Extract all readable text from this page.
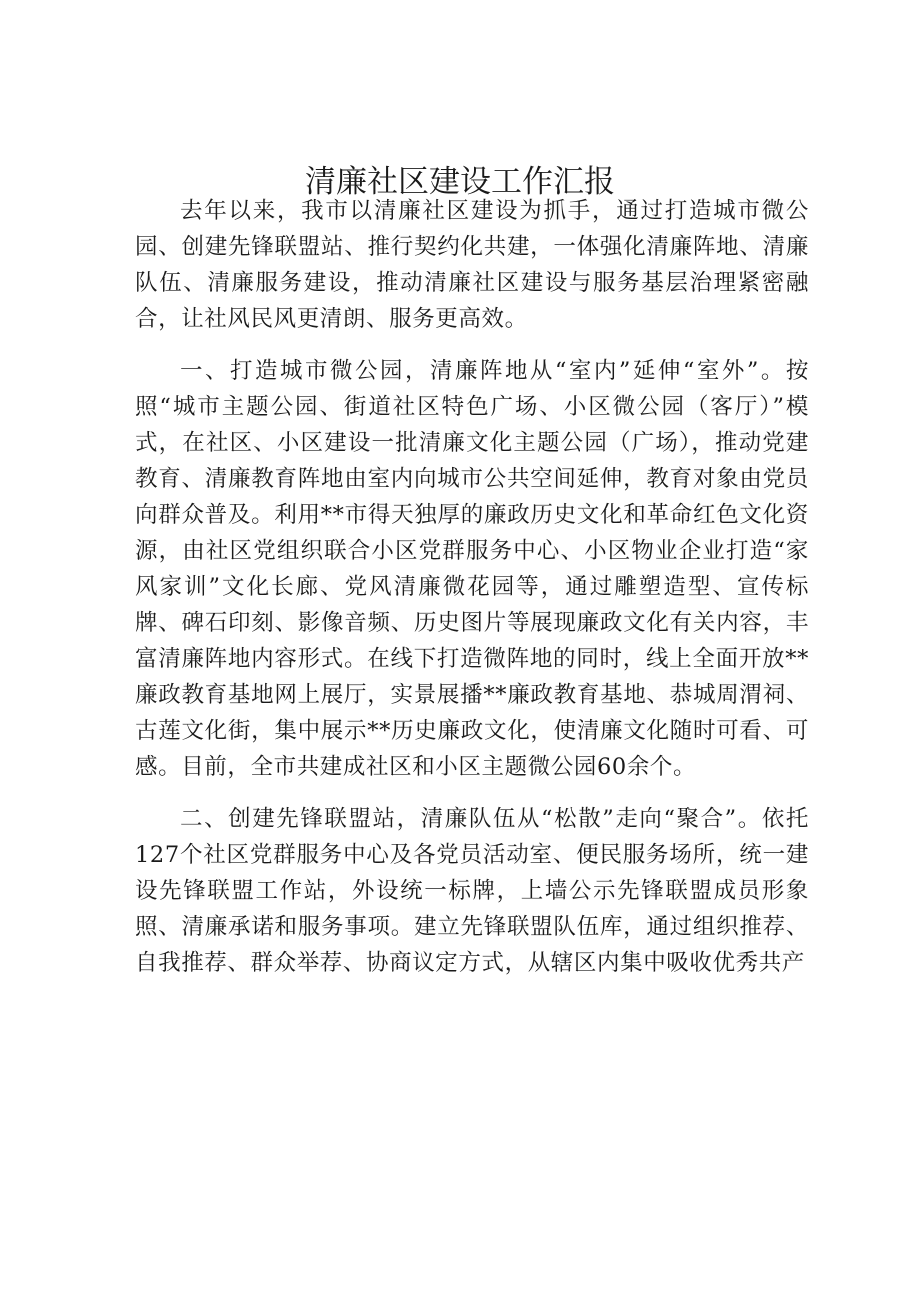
清廉社区建设工作汇报

去年以来，我市以清廉社区建设为抓手，通过打造城市微公园、创建先锋联盟站、推行契约化共建，一体强化清廉阵地、清廉队伍、清廉服务建设，推动清廉社区建设与服务基层治理紧密融合，让社风民风更清朗、服务更高效。

一、打造城市微公园，清廉阵地从“室内”延伸“室外”。按照“城市主题公园、街道社区特色广场、小区微公园（客厅）”模式，在社区、小区建设一批清廉文化主题公园（广场），推动党建教育、清廉教育阵地由室内向城市公共空间延伸，教育对象由党员向群众普及。利用**市得天独厚的廉政历史文化和革命红色文化资源，由社区党组织联合小区党群服务中心、小区物业企业打造“家风家训”文化长廊、党风清廉微花园等，通过雕塑造型、宣传标牌、碑石印刻、影像音频、历史图片等展现廉政文化有关内容，丰富清廉阵地内容形式。在线下打造微阵地的同时，线上全面开放**廉政教育基地网上展厅，实景展播**廉政教育基地、恭城周渭祠、古莲文化街，集中展示**历史廉政文化，使清廉文化随时可看、可感。目前，全市共建成社区和小区主题微公园60余个。

二、创建先锋联盟站，清廉队伍从“松散”走向“聚合”。依托127个社区党群服务中心及各党员活动室、便民服务场所，统一建设先锋联盟工作站，外设统一标牌，上墙公示先锋联盟成员形象照、清廉承诺和服务事项。建立先锋联盟队伍库，通过组织推荐、自我推荐、群众举荐、协商议定方式，从辖区内集中吸收优秀共产
